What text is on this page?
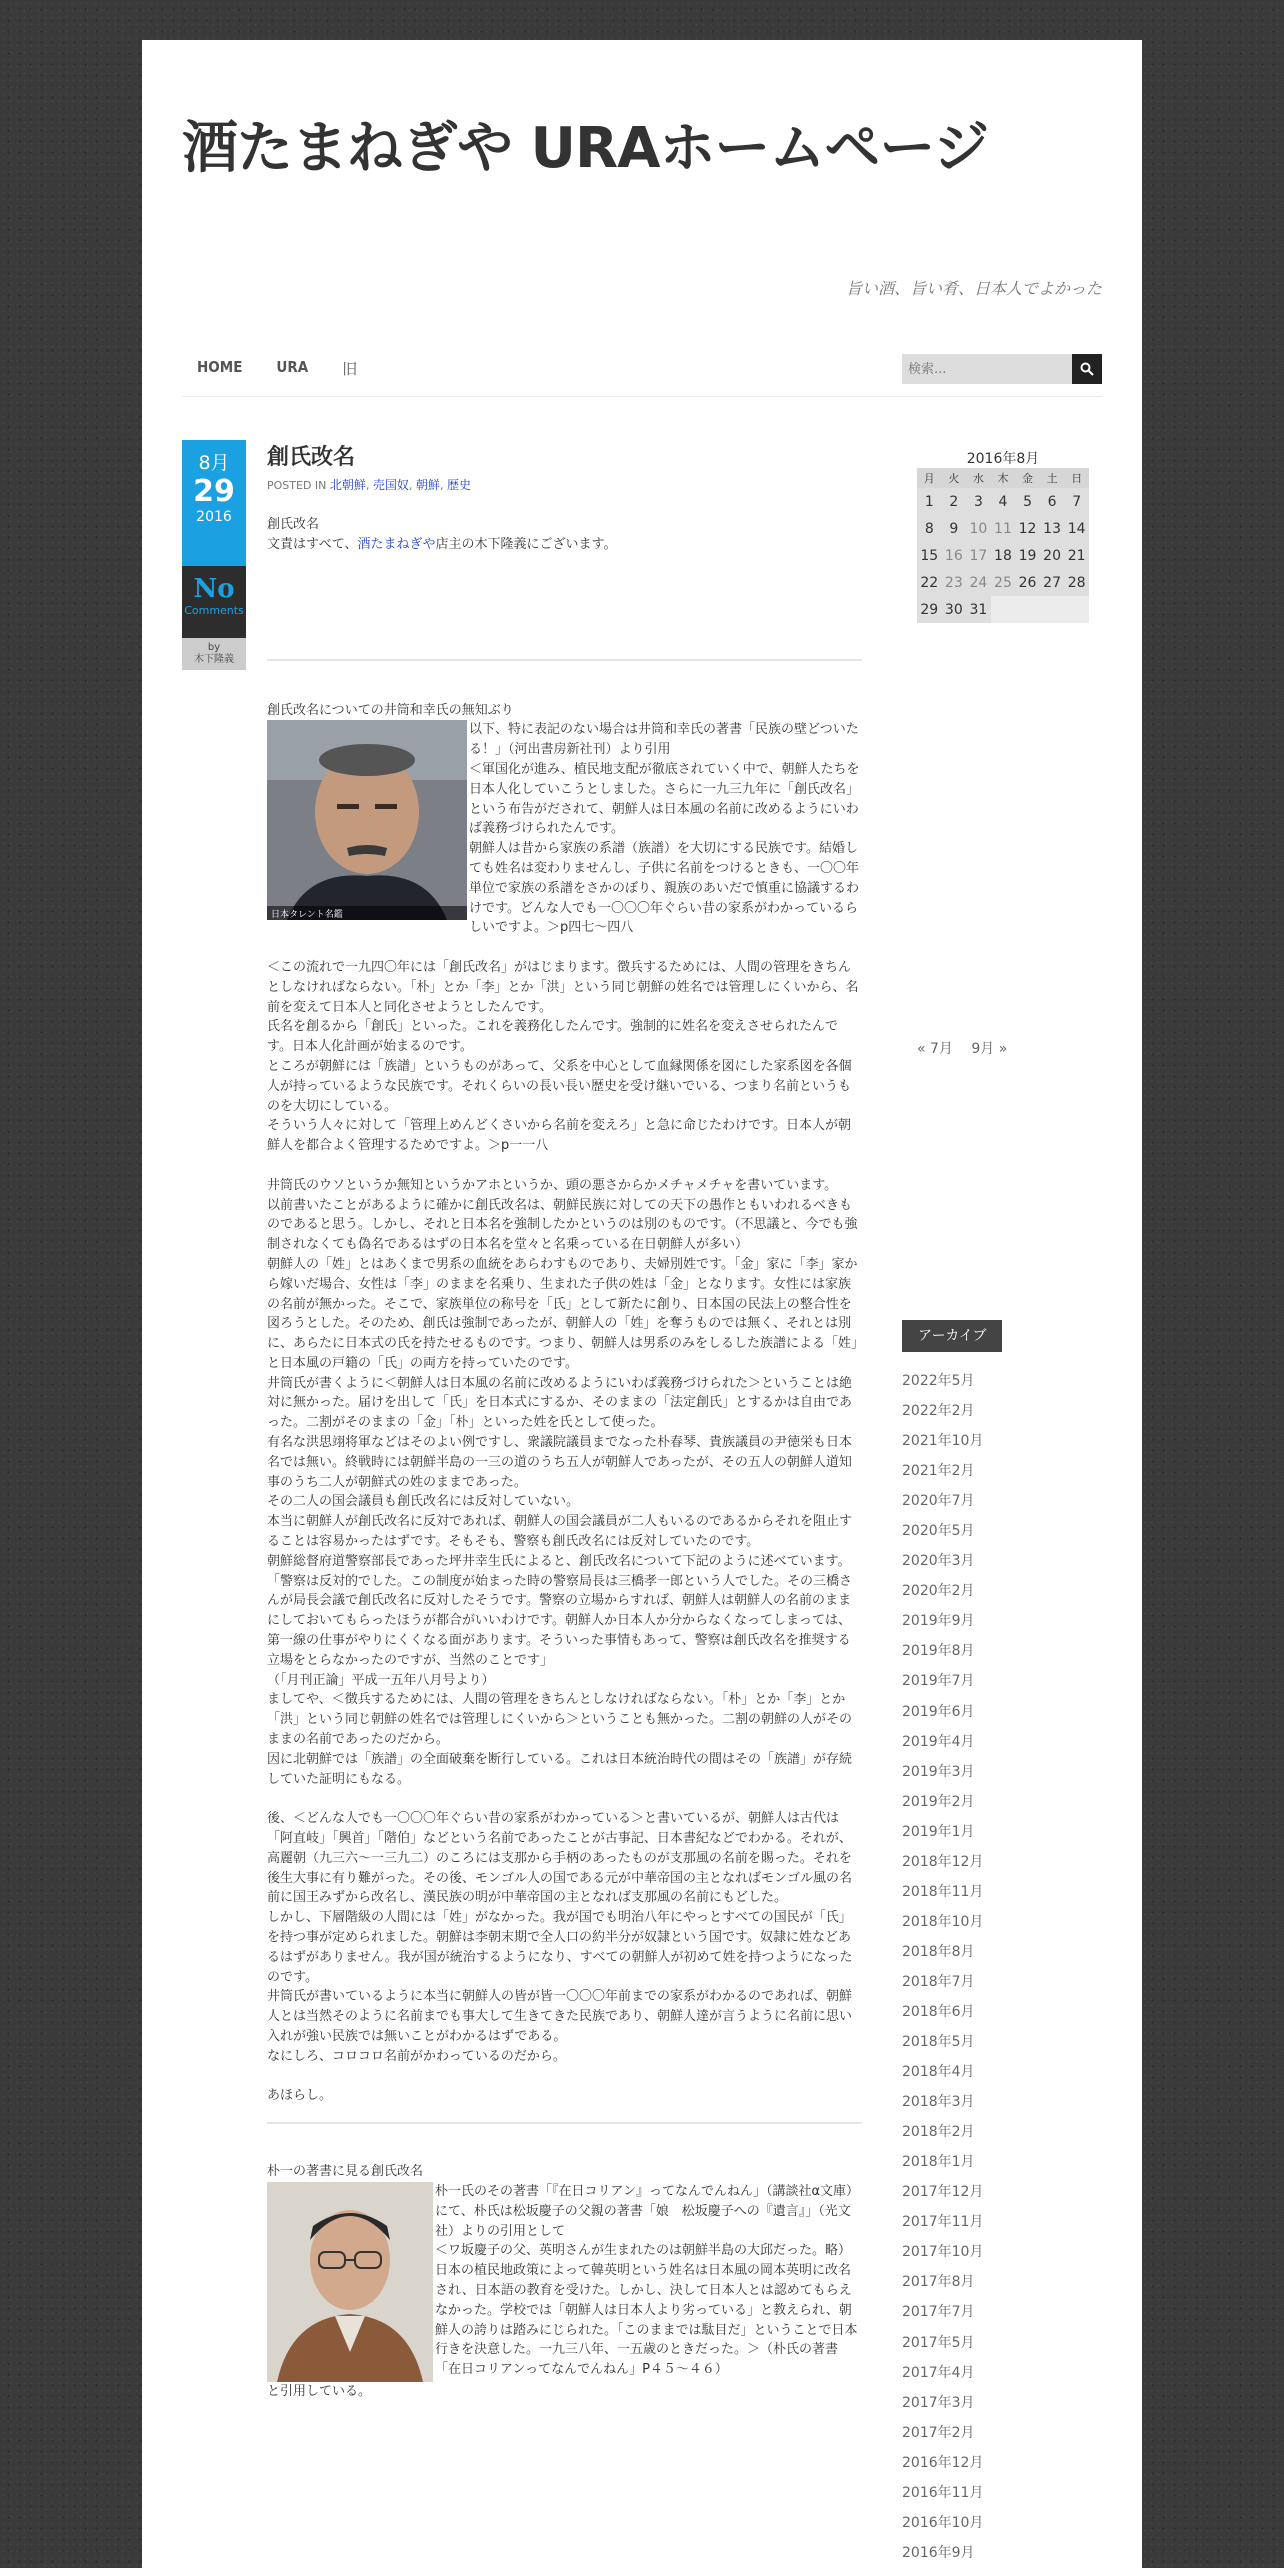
酒たまねぎや URAホームページ
旨い酒、旨い肴、日本人でよかった
HOME URA 旧
検索...
8月
29
2016
No
Comments
by
木下隆義
創氏改名
POSTED IN 北朝鮮, 売国奴, 朝鮮, 歴史

創氏改名

文責はすべて、酒たまねぎや店主の木下隆義にございます。

創氏改名についての井筒和幸氏の無知ぶり

日本タレント名鑑

以下、特に表記のない場合は井筒和幸氏の著書「民族の壁どついたる！」（河出書房新社刊）より引用

＜軍国化が進み、植民地支配が徹底されていく中で、朝鮮人たちを日本人化していこうとしました。さらに一九三九年に「創氏改名」という布告がだされて、朝鮮人は日本風の名前に改めるようにいわば義務づけられたんです。

朝鮮人は昔から家族の系譜（族譜）を大切にする民族です。結婚しても姓名は変わりませんし、子供に名前をつけるときも、一〇〇年単位で家族の系譜をさかのぼり、親族のあいだで慎重に協議するわけです。どんな人でも一〇〇〇年ぐらい昔の家系がわかっているらしいですよ。＞p四七～四八

＜この流れで一九四〇年には「創氏改名」がはじまります。徴兵するためには、人間の管理をきちんとしなければならない。「朴」とか「李」とか「洪」という同じ朝鮮の姓名では管理しにくいから、名前を変えて日本人と同化させようとしたんです。

氏名を創るから「創氏」といった。これを義務化したんです。強制的に姓名を変えさせられたんです。日本人化計画が始まるのです。

ところが朝鮮には「族譜」というものがあって、父系を中心として血縁関係を図にした家系図を各個人が持っているような民族です。それくらいの長い長い歴史を受け継いでいる、つまり名前というものを大切にしている。

そういう人々に対して「管理上めんどくさいから名前を変えろ」と急に命じたわけです。日本人が朝鮮人を都合よく管理するためですよ。＞p一一八

井筒氏のウソというか無知というかアホというか、頭の悪さからかメチャメチャを書いています。

以前書いたことがあるように確かに創氏改名は、朝鮮民族に対しての天下の愚作ともいわれるべきものであると思う。しかし、それと日本名を強制したかというのは別のものです。（不思議と、今でも強制されなくても偽名であるはずの日本名を堂々と名乗っている在日朝鮮人が多い）

朝鮮人の「姓」とはあくまで男系の血統をあらわすものであり、夫婦別姓です。「金」家に「李」家から嫁いだ場合、女性は「李」のままを名乗り、生まれた子供の姓は「金」となります。女性には家族の名前が無かった。そこで、家族単位の称号を「氏」として新たに創り、日本国の民法上の整合性を図ろうとした。そのため、創氏は強制であったが、朝鮮人の「姓」を奪うものでは無く、それとは別に、あらたに日本式の氏を持たせるものです。つまり、朝鮮人は男系のみをしるした族譜による「姓」と日本風の戸籍の「氏」の両方を持っていたのです。

井筒氏が書くように＜朝鮮人は日本風の名前に改めるようにいわば義務づけられた＞ということは絶対に無かった。届けを出して「氏」を日本式にするか、そのままの「法定創氏」とするかは自由であった。二割がそのままの「金」「朴」といった姓を氏として使った。

有名な洪思翊将軍などはそのよい例ですし、衆議院議員までなった朴春琴、貴族議員の尹徳栄も日本名では無い。終戦時には朝鮮半島の一三の道のうち五人が朝鮮人であったが、その五人の朝鮮人道知事のうち二人が朝鮮式の姓のままであった。

その二人の国会議員も創氏改名には反対していない。

本当に朝鮮人が創氏改名に反対であれば、朝鮮人の国会議員が二人もいるのであるからそれを阻止することは容易かったはずです。そもそも、警察も創氏改名には反対していたのです。

朝鮮総督府道警察部長であった坪井幸生氏によると、創氏改名について下記のように述べています。

「警察は反対的でした。この制度が始まった時の警察局長は三橋孝一郎という人でした。その三橋さんが局長会議で創氏改名に反対したそうです。警察の立場からすれば、朝鮮人は朝鮮人の名前のままにしておいてもらったほうが都合がいいわけです。朝鮮人か日本人か分からなくなってしまっては、第一線の仕事がやりにくくなる面があります。そういった事情もあって、警察は創氏改名を推奨する立場をとらなかったのですが、当然のことです」

（「月刊正論」平成一五年八月号より）

ましてや、＜徴兵するためには、人間の管理をきちんとしなければならない。「朴」とか「李」とか「洪」という同じ朝鮮の姓名では管理しにくいから＞ということも無かった。二割の朝鮮の人がそのままの名前であったのだから。

因に北朝鮮では「族譜」の全面破棄を断行している。これは日本統治時代の間はその「族譜」が存続していた証明にもなる。

後、＜どんな人でも一〇〇〇年ぐらい昔の家系がわかっている＞と書いているが、朝鮮人は古代は「阿直岐」「興首」「階伯」などという名前であったことが古事記、日本書紀などでわかる。それが、高麗朝（九三六～一三九二）のころには支那から手柄のあったものが支那風の名前を賜った。それを後生大事に有り難がった。その後、モンゴル人の国である元が中華帝国の主となればモンゴル風の名前に国王みずから改名し、漢民族の明が中華帝国の主となれば支那風の名前にもどした。

しかし、下層階級の人間には「姓」がなかった。我が国でも明治八年にやっとすべての国民が「氏」を持つ事が定められました。朝鮮は李朝末期で全人口の約半分が奴隷という国です。奴隷に姓などあるはずがありません。我が国が統治するようになり、すべての朝鮮人が初めて姓を持つようになったのです。

井筒氏が書いているように本当に朝鮮人の皆が皆一〇〇〇年前までの家系がわかるのであれば、朝鮮人とは当然そのように名前までも事大して生きてきた民族であり、朝鮮人達が言うように名前に思い入れが強い民族では無いことがわかるはずである。

なにしろ、コロコロ名前がかわっているのだから。

あほらし。

朴一の著書に見る創氏改名

朴一氏のその著書「『在日コリアン』ってなんでんねん」（講談社α文庫）にて、朴氏は松坂慶子の父親の著書「娘　松坂慶子への『遺言』」（光文社）よりの引用として

＜ワ坂慶子の父、英明さんが生まれたのは朝鮮半島の大邱だった。略）日本の植民地政策によって韓英明という姓名は日本風の岡本英明に改名され、日本語の教育を受けた。しかし、決して日本人とは認めてもらえなかった。学校では「朝鮮人は日本人より劣っている」と教えられ、朝鮮人の誇りは踏みにじられた。「このままでは駄目だ」ということで日本行きを決意した。一九三八年、一五歳のときだった。＞（朴氏の著書「在日コリアンってなんでんねん」P４５～４６）

と引用している。

2016年8月
月	火	水	木	金	土	日
1	2	3	4	5	6	7
8	9	10	11	12	13	14
15	16	17	18	19	20	21
22	23	24	25	26	27	28
29	30	31				
« 7月 9月 »
アーカイブ
2022年5月
2022年2月
2021年10月
2021年2月
2020年7月
2020年5月
2020年3月
2020年2月
2019年9月
2019年8月
2019年7月
2019年6月
2019年4月
2019年3月
2019年2月
2019年1月
2018年12月
2018年11月
2018年10月
2018年8月
2018年7月
2018年6月
2018年5月
2018年4月
2018年3月
2018年2月
2018年1月
2017年12月
2017年11月
2017年10月
2017年8月
2017年7月
2017年5月
2017年4月
2017年3月
2017年2月
2016年12月
2016年11月
2016年10月
2016年9月
